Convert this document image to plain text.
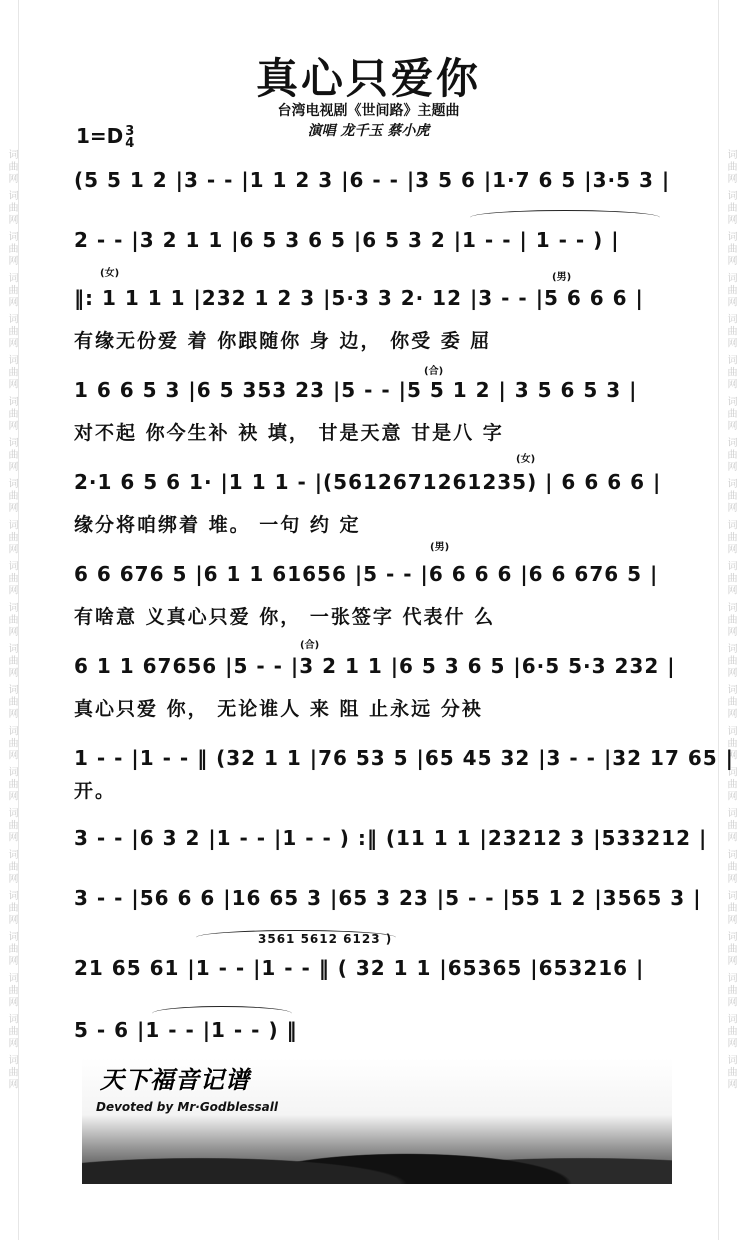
词曲网 词曲网 词曲网 词曲网 词曲网 词曲网 词曲网 词曲网 词曲网 词曲网 词曲网 词曲网 词曲网 词曲网 词曲网 词曲网 词曲网 词曲网 词曲网 词曲网 词曲网 词曲网 词曲网	词曲网 词曲网 词曲网 词曲网 词曲网 词曲网 词曲网 词曲网 词曲网 词曲网 词曲网 词曲网 词曲网 词曲网 词曲网 词曲网 词曲网 词曲网 词曲网 词曲网 词曲网 词曲网 词曲网
真心只爱你
台湾电视剧《世间路》主题曲
演唱 龙千玉 蔡小虎
1=D 3
4
(5 5 1 2 |3 - - |1 1 2 3 |6 - - |3 5 6 |1·7 6 5 |3·5 3 |
2 - - |3 2 1 1 |6 5 3 6 5 |6 5 3 2 |1 - - | 1 - - ) |
(女)	(男)
‖: 1 1 1 1 |232 1 2 3 |5·3 3 2· 12 |3 - - |5 6 6 6 |
有缘无份爱 着 你跟随你 身 边， 你受 委 屈
(合)
1 6 6 5 3 |6 5 353 23 |5 - - |5 5 1 2 | 3 5 6 5 3 |
对不起 你今生补 袂 填， 甘是天意 甘是八 字
(女)
2·1 6 5 6 1· |1 1 1 - |(5612671261235) | 6 6 6 6 |
缘分将咱绑着 堆。 一句 约 定
(男)
6 6 676 5 |6 1 1 61656 |5 - - |6 6 6 6 |6 6 676 5 |
有啥意 义真心只爱 你， 一张签字 代表什 么
(合)
6 1 1 67656 |5 - - |3 2 1 1 |6 5 3 6 5 |6·5 5·3 232 |
真心只爱 你， 无论谁人 来 阻 止永远 分袂
1 - - |1 - - ‖ (32 1 1 |76 53 5 |65 45 32 |3 - - |32 17 65 |
开。
3 - - |6 3 2 |1 - - |1 - - ) :‖ (11 1 1 |23212 3 |533212 |
3 - - |56 6 6 |16 65 3 |65 3 23 |5 - - |55 1 2 |3565 3 |
3561 5612 6123 )
21 65 61 |1 - - |1 - - ‖ ( 32 1 1 |65365 |653216 |
5 - 6 |1 - - |1 - - ) ‖
天下福音记谱
Devoted by Mr·Godblessall
